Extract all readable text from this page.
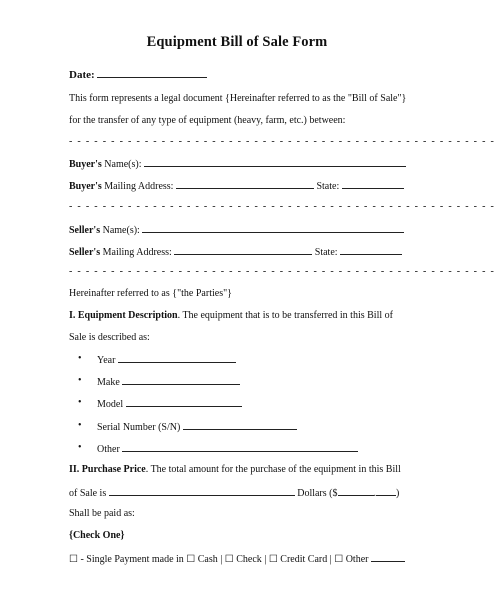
Equipment Bill of Sale Form
Date:
This form represents a legal document {Hereinafter referred to as the "Bill of Sale"}
for the transfer of any type of equipment (heavy, farm, etc.) between:
- - - - - - - - - - - - - - - - - - - - - - - - - - - - - - - - - - - - - - - - - - - - - - - - - - -
Buyer's Name(s):
Buyer's Mailing Address:	State:
- - - - - - - - - - - - - - - - - - - - - - - - - - - - - - - - - - - - - - - - - - - - - - - - - - -
Seller's Name(s):
Seller's Mailing Address:	State:
- - - - - - - - - - - - - - - - - - - - - - - - - - - - - - - - - - - - - - - - - - - - - - - - - - -
Hereinafter referred to as {"the Parties"}
I. Equipment Description. The equipment that is to be transferred in this Bill of
Sale is described as:
• Year
• Make
• Model
• Serial Number (S/N)
• Other
II. Purchase Price. The total amount for the purchase of the equipment in this Bill
of Sale is	Dollars ($	. )
Shall be paid as:
{Check One}
☐ - Single Payment made in ☐ Cash | ☐ Check | ☐ Credit Card | ☐ Other
